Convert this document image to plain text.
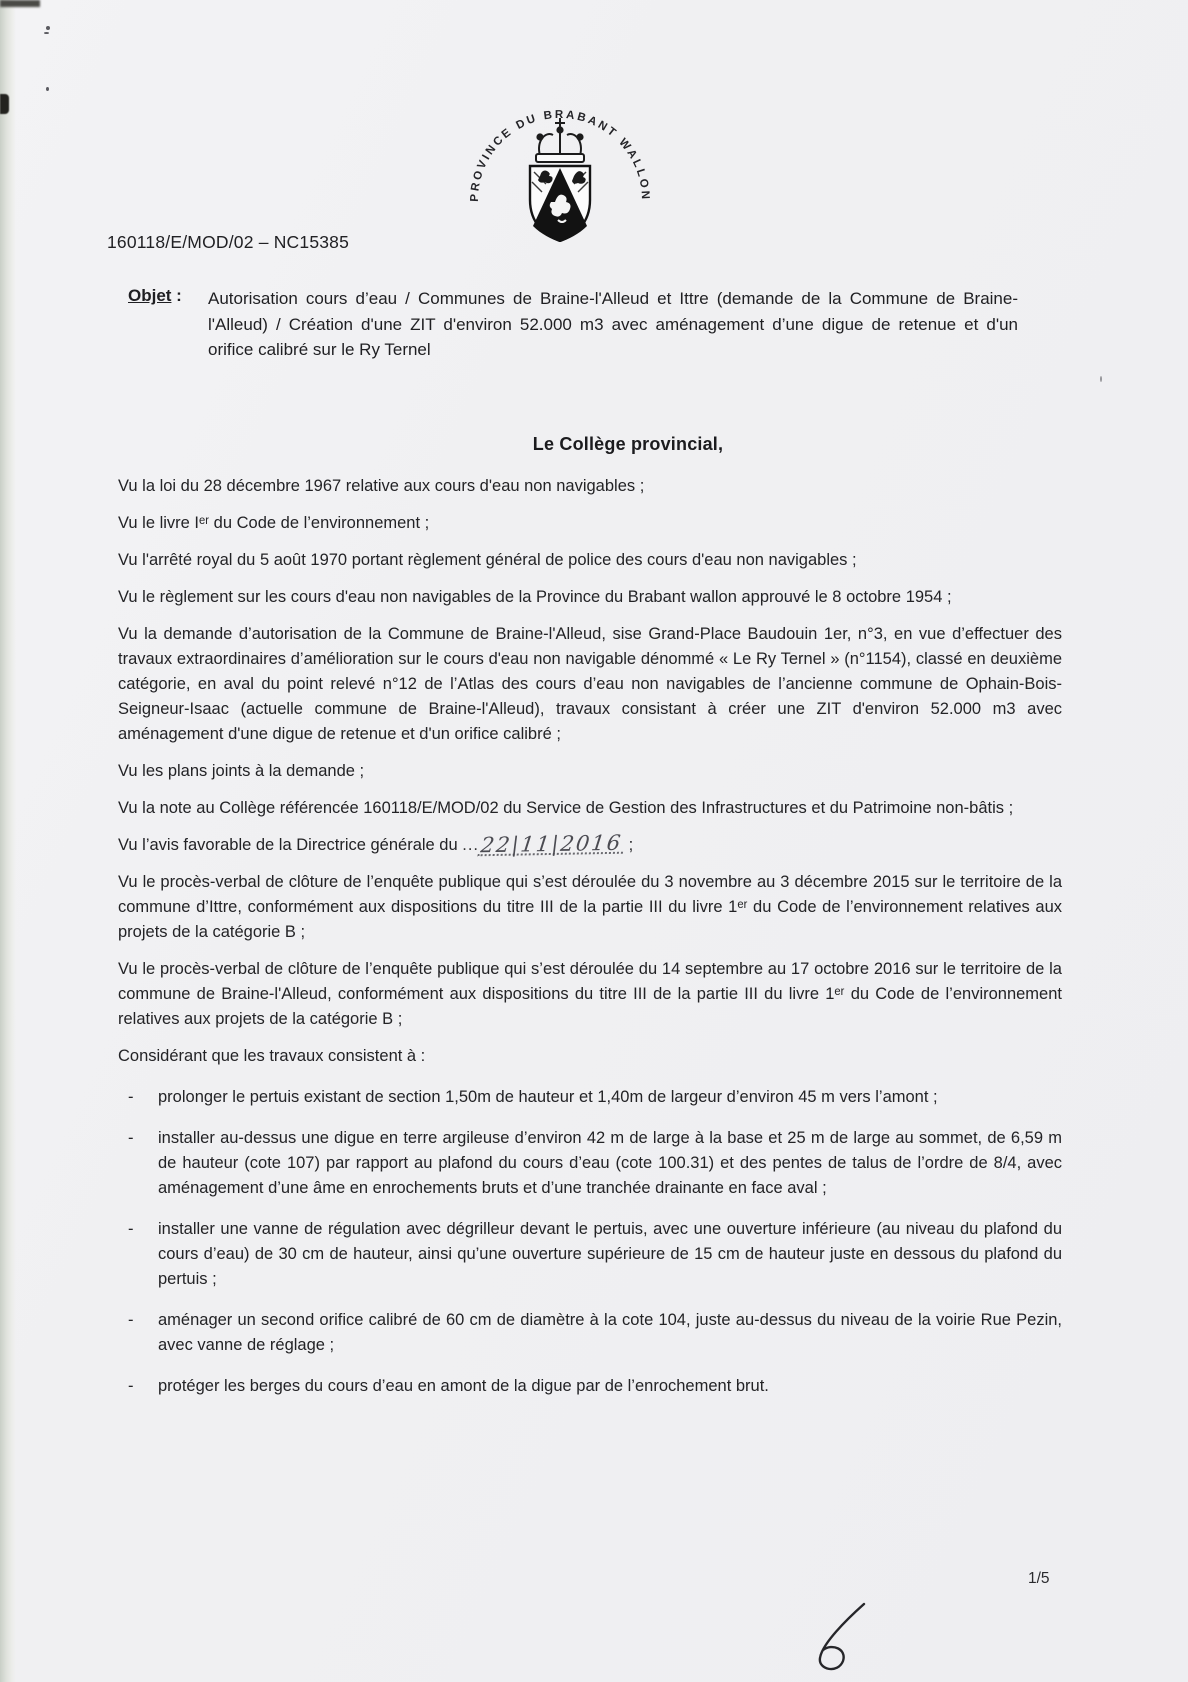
PROVINCE DU BRABANT WALLON
160118/E/MOD/02 – NC15385
Objet :	Autorisation cours d’eau / Communes de Braine-l'Alleud et Ittre (demande de la Commune de Braine-l'Alleud) / Création d'une ZIT d'environ 52.000 m3 avec aménagement d’une digue de retenue et d'un orifice calibré sur le Ry Ternel
Le Collège provincial,

Vu la loi du 28 décembre 1967 relative aux cours d'eau non navigables ;

Vu le livre Iᵉʳ du Code de l’environnement ;

Vu l'arrêté royal du 5 août 1970 portant règlement général de police des cours d'eau non navigables ;

Vu le règlement sur les cours d'eau non navigables de la Province du Brabant wallon approuvé le 8 octobre 1954 ;

Vu la demande d’autorisation de la Commune de Braine-l'Alleud, sise Grand-Place Baudouin 1er, n°3, en vue d’effectuer des travaux extraordinaires d’amélioration sur le cours d'eau non navigable dénommé « Le Ry Ternel » (n°1154), classé en deuxième catégorie, en aval du point relevé n°12 de l’Atlas des cours d’eau non navigables de l’ancienne commune de Ophain-Bois-Seigneur-Isaac (actuelle commune de Braine-l'Alleud), travaux consistant à créer une ZIT d'environ 52.000 m3 avec aménagement d'une digue de retenue et d'un orifice calibré ;

Vu les plans joints à la demande ;

Vu la note au Collège référencée 160118/E/MOD/02 du Service de Gestion des Infrastructures et du Patrimoine non-bâtis ;

Vu l’avis favorable de la Directrice générale du ...22|11|2016 ;

Vu le procès-verbal de clôture de l’enquête publique qui s’est déroulée du 3 novembre au 3 décembre 2015 sur le territoire de la commune d’Ittre, conformément aux dispositions du titre III de la partie III du livre 1ᵉʳ du Code de l’environnement relatives aux projets de la catégorie B ;

Vu le procès-verbal de clôture de l’enquête publique qui s’est déroulée du 14 septembre au 17 octobre 2016 sur le territoire de la commune de Braine-l'Alleud, conformément aux dispositions du titre III de la partie III du livre 1ᵉʳ du Code de l’environnement relatives aux projets de la catégorie B ;

Considérant que les travaux consistent à :

-	prolonger le pertuis existant de section 1,50m de hauteur et 1,40m de largeur d’environ 45 m vers l’amont ;
-	installer au-dessus une digue en terre argileuse d’environ 42 m de large à la base et 25 m de large au sommet, de 6,59 m de hauteur (cote 107) par rapport au plafond du cours d’eau (cote 100.31) et des pentes de talus de l’ordre de 8/4, avec aménagement d’une âme en enrochements bruts et d’une tranchée drainante en face aval ;
-	installer une vanne de régulation avec dégrilleur devant le pertuis, avec une ouverture inférieure (au niveau du plafond du cours d’eau) de 30 cm de hauteur, ainsi qu’une ouverture supérieure de 15 cm de hauteur juste en dessous du plafond du pertuis ;
-	aménager un second orifice calibré de 60 cm de diamètre à la cote 104, juste au-dessus du niveau de la voirie Rue Pezin, avec vanne de réglage ;
-	protéger les berges du cours d’eau en amont de la digue par de l’enrochement brut.
1/5
